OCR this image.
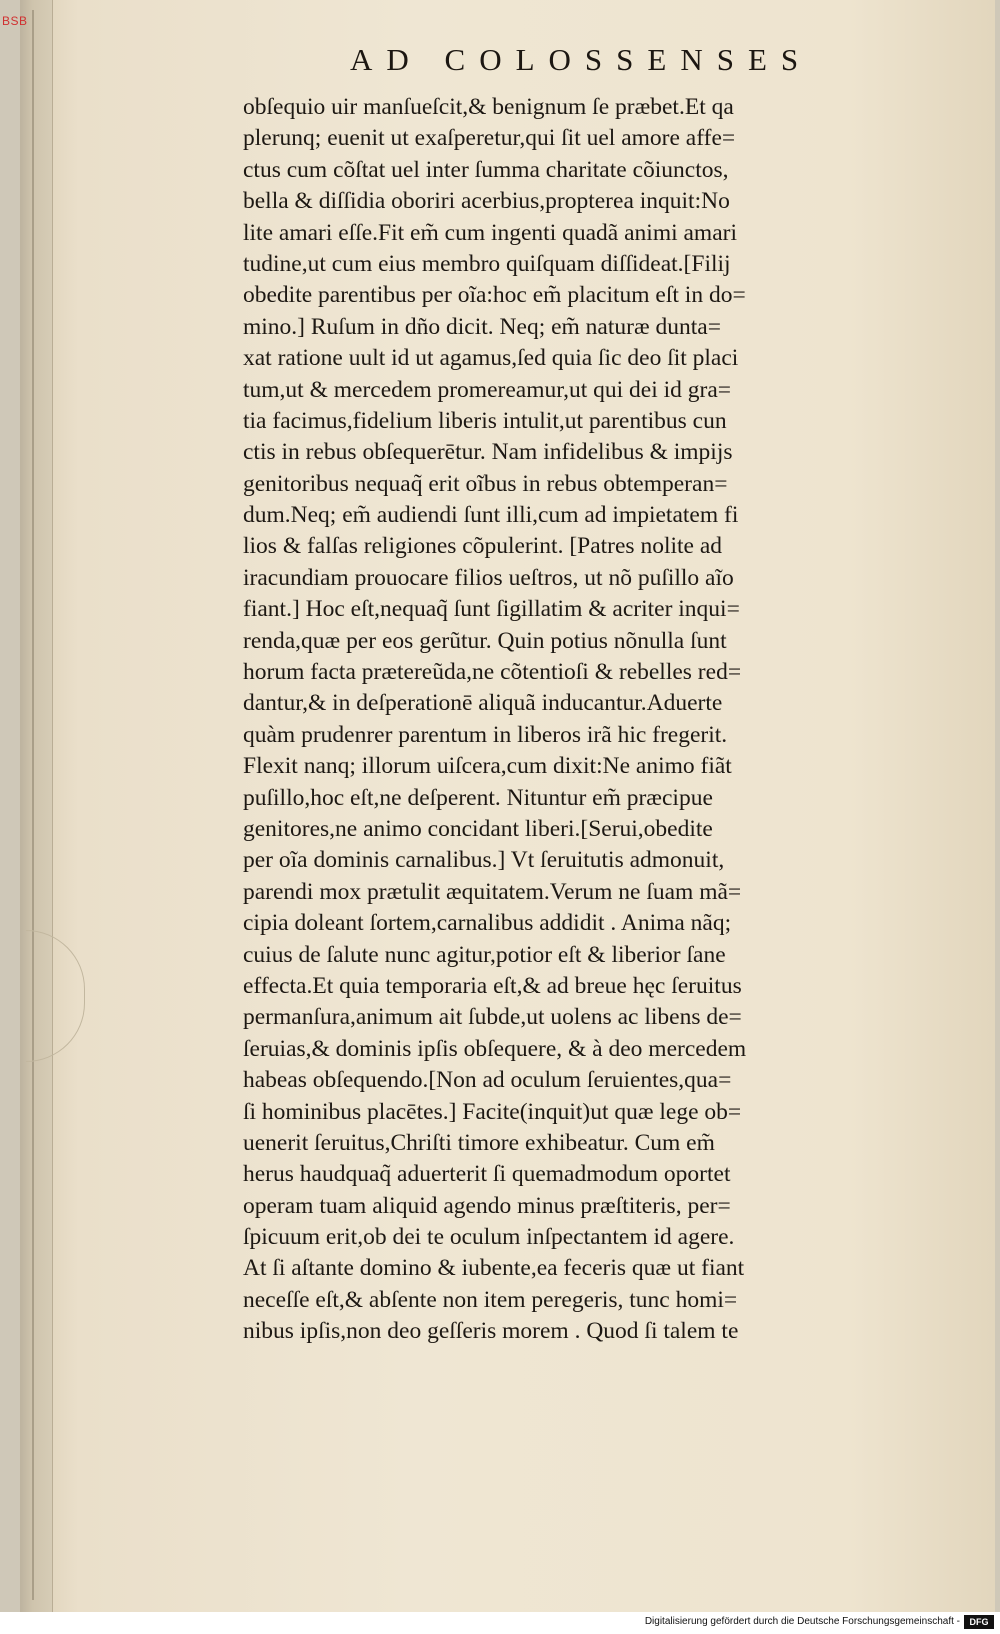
AD COLOSSENSES
obſequio uir manſueſcit,& benignum ſe præbet.Et qa
plerunq; euenit ut exaſperetur,qui ſit uel amore affe=
ctus cum cõſtat uel inter ſumma charitate cõiunctos,
bella & diſſidia oboriri acerbius,propterea inquit:No
lite amari eſſe.Fit em̃ cum ingenti quadã animi amari
tudine,ut cum eius membro quiſquam diſſideat.[Filij
obedite parentibus per oĩa:hoc em̃ placitum eſt in do=
mino.] Ruſum in dño dicit. Neq; em̃ naturæ dunta=
xat ratione uult id ut agamus,ſed quia ſic deo ſit placi
tum,ut & mercedem promereamur,ut qui dei id gra=
tia facimus,fidelium liberis intulit,ut parentibus cun
ctis in rebus obſequerētur. Nam infidelibus & impijs
genitoribus nequaq̃ erit oĩbus in rebus obtemperan=
dum.Neq; em̃ audiendi ſunt illi,cum ad impietatem fi
lios & falſas religiones cõpulerint. [Patres nolite ad
iracundiam prouocare filios ueſtros, ut nõ puſillo aĩo
fiant.] Hoc eſt,nequaq̃ ſunt ſigillatim & acriter inqui=
renda,quæ per eos gerũtur. Quin potius nõnulla ſunt
horum facta prætereũda,ne cõtentioſi & rebelles red=
dantur,& in deſperationē aliquã inducantur.Aduerte
quàm prudenrer parentum in liberos irã hic fregerit.
Flexit nanq; illorum uiſcera,cum dixit:Ne animo fiãt
puſillo,hoc eſt,ne deſperent. Nituntur em̃ præcipue
genitores,ne animo concidant liberi.[Serui,obedite
per oĩa dominis carnalibus.] Vt ſeruitutis admonuit,
parendi mox prætulit æquitatem.Verum ne ſuam mã=
cipia doleant ſortem,carnalibus addidit . Anima nãq;
cuius de ſalute nunc agitur,potior eſt & liberior ſane
effecta.Et quia temporaria eſt,& ad breue hęc ſeruitus
permanſura,animum ait ſubde,ut uolens ac libens de=
ſeruias,& dominis ipſis obſequere, & à deo mercedem
habeas obſequendo.[Non ad oculum ſeruientes,qua=
ſi hominibus placētes.] Facite(inquit)ut quæ lege ob=
uenerit ſeruitus,Chriſti timore exhibeatur. Cum em̃
herus haudquaq̃ aduerterit ſi quemadmodum oportet
operam tuam aliquid agendo minus præſtiteris, per=
ſpicuum erit,ob dei te oculum inſpectantem id agere.
At ſi aſtante domino & iubente,ea feceris quæ ut fiant
neceſſe eſt,& abſente non item peregeris, tunc homi=
nibus ipſis,non deo geſſeris morem . Quod ſi talem te
BSB
Digitalisierung gefördert durch die Deutsche Forschungsgemeinschaft -	DFG
